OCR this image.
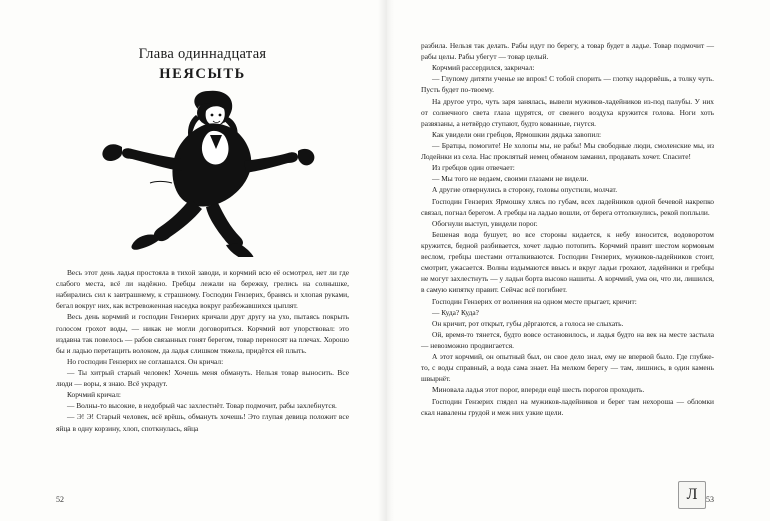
Глава одиннадцатая
НЕЯСЫТЬ

Весь этот день ладья простояла в тихой заводи, и корчмий всю её осмотрел, нет ли где слабого места, всё ли надёжно. Гребцы лежали на бережку, грелись на солнышке, набирались сил к завтрашнему, к страшному. Господин Гензерих, бранясь и хлопая руками, бегал вокруг них, как встревоженная наседка вокруг разбежавшихся цыплят.

Весь день корчмий и господин Гензерих кричали друг другу на ухо, пытаясь покрыть голосом грохот воды, — никак не могли договориться. Корчмий вот упорствовал: это издавна так повелось — рабов связанных гонят берегом, товар переносят на плечах. Хорошо бы и ладью перетащить волоком, да ладья слишком тяжела, придётся ей плыть.

Но господин Гензерих не соглашался. Он кричал:

— Ты хитрый старый человек! Хочешь меня обмануть. Нельзя товар выносить. Все люди — воры, я знаю. Всё украдут.

Корчмий кричал:

— Волны-то высокие, в недобрый час захлестнёт. Товар подмочит, рабы захлебнутся.

— Э! Э! Старый человек, всё врёшь, обмануть хочешь! Это глупая девица положит все яйца в одну корзину, хлоп, споткнулась, яйца

52

разбила. Нельзя так делать. Рабы идут по берегу, а товар будет в ладье. Товар подмочит — рабы целы. Рабы убегут — товар целый.

Корчмий рассердился, закричал:

— Глупому дитяти ученье не впрок! С тобой спорить — глотку надорвёшь, а толку чуть. Пусть будет по-твоему.

На другое утро, чуть заря занялась, вывели мужиков-ладейников из-под палубы. У них от солнечного света глаза щурятся, от свежего воздуха кружится голова. Ноги хоть развязаны, а нетвёрдо ступают, будто кованные, гнутся.

Как увидели они гребцов, Ярмошкин дядька завопил:

— Братцы, помогите! Не холопы мы, не рабы! Мы свободные люди, смоленские мы, из Лодейнки из села. Нас проклятый немец обманом заманил, продавать хочет. Спасите!

Из гребцов один отвечает:

— Мы того не ведаем, своими глазами не видели.

А другие отвернулись в сторону, головы опустили, молчат.

Господин Гензерих Ярмошку хлясь по губам, всех ладейников одной бечевой накрепко связал, погнал берегом. А гребцы на ладью вошли, от берега оттолкнулись, рекой поплыли.

Обогнули выступ, увидели порог.

Бешеная вода бушует, во все стороны кидается, к небу взносится, водоворотом кружится, бедной разбивается, хочет ладью потопить. Корчмий правит шестом кормовым веслом, гребцы шестами отталкиваются. Господин Гензерих, мужиков-ладейников стоит, смотрит, ужасается. Волны вздымаются ввысь и вкруг ладьи грохают, ладейники и гребцы не могут захлестнуть — у ладьи борта высоко нашиты. А корчмий, ума он, что ли, лишился, в самую кипятку правит. Сейчас всё погибнет.

Господин Гензерих от волнения на одном месте прыгает, кричит:

— Куда? Куда?

Он кричит, рот открыт, губы дёргаются, а голоса не слыхать.

Ой, время-то тянется, будто вовсе остановилось, и ладья будто на век на месте застыла — невозможно продвигается.

А этот корчмий, он опытный был, он свое дело знал, ему не впервой было. Где глубже-то, с воды справный, а вода сама знает. На мелком берегу — там, лишнись, в один камень швырнёт.

Миновала ладья этот порог, впереди ещё шесть порогов проходить.

Господин Гензерих глядел на мужиков-ладейников и берег там нехороша — обломки скал навалены грудой и меж них узкие щели.

Л	53
